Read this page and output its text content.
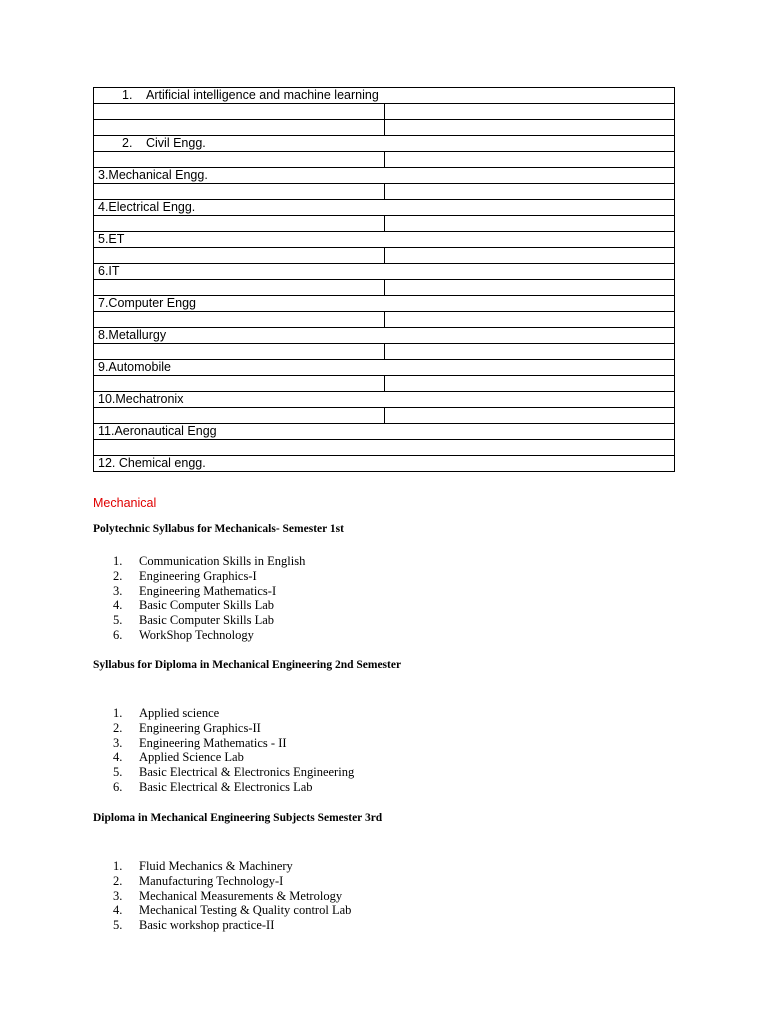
1. Artificial intelligence and machine learning	

2. Civil Engg.	

3.Mechanical Engg.	

4.Electrical Engg.	

5.ET	

6.IT	

7.Computer Engg	

8.Metallurgy	

9.Automobile	

10.Mechatronix	

11.Aeronautical Engg	

12. Chemical engg.	
Mechanical
Polytechnic Syllabus for Mechanicals- Semester 1st
1. Communication Skills in English
2. Engineering Graphics-I
3. Engineering Mathematics-I
4. Basic Computer Skills Lab
5. Basic Computer Skills Lab
6. WorkShop Technology
Syllabus for Diploma in Mechanical Engineering 2nd Semester
1. Applied science
2. Engineering Graphics-II
3. Engineering Mathematics - II
4. Applied Science Lab
5. Basic Electrical & Electronics Engineering
6. Basic Electrical & Electronics Lab
Diploma in Mechanical Engineering Subjects Semester 3rd
1. Fluid Mechanics & Machinery
2. Manufacturing Technology-I
3. Mechanical Measurements & Metrology
4. Mechanical Testing & Quality control Lab
5. Basic workshop practice-II
